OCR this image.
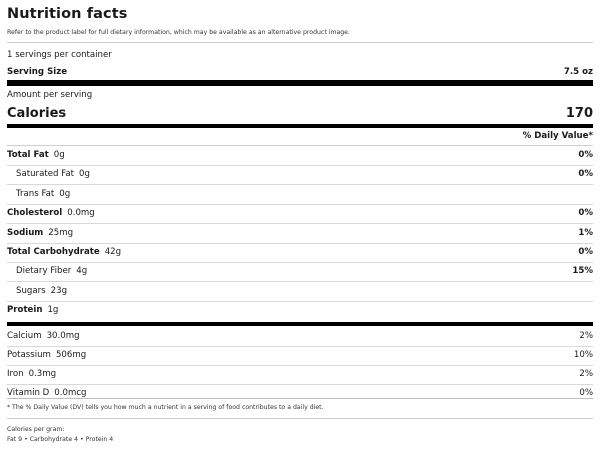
Nutrition facts
Refer to the product label for full dietary information, which may be available as an alternative product image.
1 servings per container
Serving Size	7.5 oz
Amount per serving
Calories	170
% Daily Value*
Total Fat 0g	0%
Saturated Fat 0g	0%
Trans Fat 0g
Cholesterol 0.0mg	0%
Sodium 25mg	1%
Total Carbohydrate 42g	0%
Dietary Fiber 4g	15%
Sugars 23g
Protein 1g
Calcium 30.0mg	2%
Potassium 506mg	10%
Iron 0.3mg	2%
Vitamin D 0.0mcg	0%
* The % Daily Value (DV) tells you how much a nutrient in a serving of food contributes to a daily diet.
Calories per gram:
Fat 9 • Carbohydrate 4 • Protein 4
